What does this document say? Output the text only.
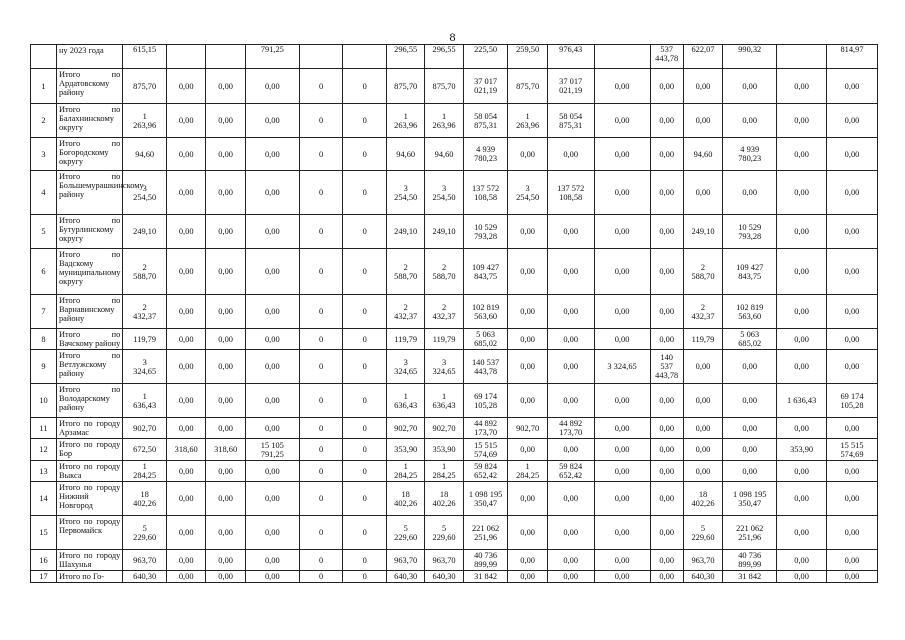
8
	ну 2023 года	615,15			791,25			296,55	296,55	225,50	259,50	976,43		537
443,78	622,07	990,32		814,97
1	Итого по Ардатовскому району	875,70	0,00	0,00	0,00	0	0	875,70	875,70	37 017
021,19	875,70	37 017
021,19	0,00	0,00	0,00	0,00	0,00	0,00
2	Итого по Балахнинскому округу	1
263,96	0,00	0,00	0,00	0	0	1
263,96	1
263,96	58 054
875,31	1
263,96	58 054
875,31	0,00	0,00	0,00	0,00	0,00	0,00
3	Итого по Богородскому округу	94,60	0,00	0,00	0,00	0	0	94,60	94,60	4 939
780,23	0,00	0,00	0,00	0,00	94,60	4 939
780,23	0,00	0,00
4	Итого по Большемурашкинскому району	3
254,50	0,00	0,00	0,00	0	0	3
254,50	3
254,50	137 572
108,58	3
254,50	137 572
108,58	0,00	0,00	0,00	0,00	0,00	0,00
5	Итого по Бутурлинскому округу	249,10	0,00	0,00	0,00	0	0	249,10	249,10	10 529
793,28	0,00	0,00	0,00	0,00	249,10	10 529
793,28	0,00	0,00
6	Итого по Вадскому муниципальному округу	2
588,70	0,00	0,00	0,00	0	0	2
588,70	2
588,70	109 427
843,75	0,00	0,00	0,00	0,00	2
588,70	109 427
843,75	0,00	0,00
7	Итого по Варнавинскому району	2
432,37	0,00	0,00	0,00	0	0	2
432,37	2
432,37	102 819
563,60	0,00	0,00	0,00	0,00	2
432,37	102 819
563,60	0,00	0,00
8	Итого по Вачскому району	119,79	0,00	0,00	0,00	0	0	119,79	119,79	5 063
685,02	0,00	0,00	0,00	0,00	119,79	5 063
685,02	0,00	0,00
9	Итого по Ветлужскому району	3
324,65	0,00	0,00	0,00	0	0	3
324,65	3
324,65	140 537
443,78	0,00	0,00	3 324,65	140
537
443,78	0,00	0,00	0,00	0,00
10	Итого по Володарскому району	1
636,43	0,00	0,00	0,00	0	0	1
636,43	1
636,43	69 174
105,28	0,00	0,00	0,00	0,00	0,00	0,00	1 636,43	69 174
105,28
11	Итого по городу Арзамас	902,70	0,00	0,00	0,00	0	0	902,70	902,70	44 892
173,70	902,70	44 892
173,70	0,00	0,00	0,00	0,00	0,00	0,00
12	Итого по городу Бор	672,50	318,60	318,60	15 105
791,25	0	0	353,90	353,90	15 515
574,69	0,00	0,00	0,00	0,00	0,00	0,00	353,90	15 515
574,69
13	Итого по городу Выкса	1
284,25	0,00	0,00	0,00	0	0	1
284,25	1
284,25	59 824
652,42	1
284,25	59 824
652,42	0,00	0,00	0,00	0,00	0,00	0,00
14	Итого по городу Нижний Новгород	18
402,26	0,00	0,00	0,00	0	0	18
402,26	18
402,26	1 098 195
350,47	0,00	0,00	0,00	0,00	18
402,26	1 098 195
350,47	0,00	0,00
15	Итого по городу Первомайск	5
229,60	0,00	0,00	0,00	0	0	5
229,60	5
229,60	221 062
251,96	0,00	0,00	0,00	0,00	5
229,60	221 062
251,96	0,00	0,00
16	Итого по городу Шахунья	963,70	0,00	0,00	0,00	0	0	963,70	963,70	40 736
899,99	0,00	0,00	0,00	0,00	963,70	40 736
899,99	0,00	0,00
17	Итого по Го-	640,30	0,00	0,00	0,00	0	0	640,30	640,30	31 842	0,00	0,00	0,00	0,00	640,30	31 842	0,00	0,00
